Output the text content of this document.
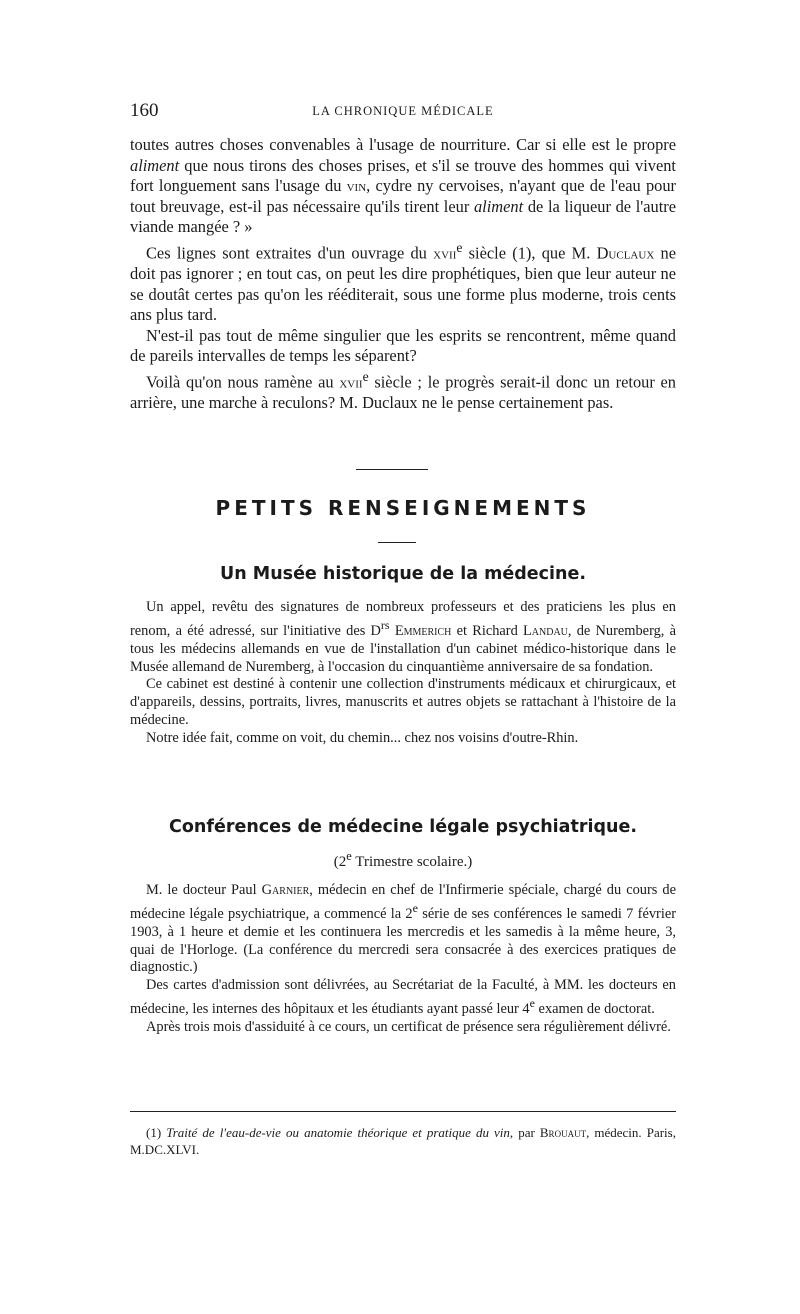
160	LA CHRONIQUE MÉDICALE

toutes autres choses convenables à l'usage de nourriture. Car si elle est le propre aliment que nous tirons des choses prises, et s'il se trouve des hommes qui vivent fort longuement sans l'usage du vin, cydre ny cervoises, n'ayant que de l'eau pour tout breuvage, est-il pas nécessaire qu'ils tirent leur aliment de la liqueur de l'autre viande mangée ? »

Ces lignes sont extraites d'un ouvrage du xvii$^e$ siècle (1), que M. Duclaux ne doit pas ignorer ; en tout cas, on peut les dire prophétiques, bien que leur auteur ne se doutât certes pas qu'on les rééditerait, sous une forme plus moderne, trois cents ans plus tard.

N'est-il pas tout de même singulier que les esprits se rencontrent, même quand de pareils intervalles de temps les séparent?

Voilà qu'on nous ramène au xvii$^e$ siècle ; le progrès serait-il donc un retour en arrière, une marche à reculons? M. Duclaux ne le pense certainement pas.

PETITS RENSEIGNEMENTS
Un Musée historique de la médecine.

Un appel, revêtu des signatures de nombreux professeurs et des praticiens les plus en renom, a été adressé, sur l'initiative des $D^{rs}$ Emmerich et Richard Landau, de Nuremberg, à tous les médecins allemands en vue de l'installation d'un cabinet médico-historique dans le Musée allemand de Nuremberg, à l'occasion du cinquantième anniversaire de sa fondation.

Ce cabinet est destiné à contenir une collection d'instruments médicaux et chirurgicaux, et d'appareils, dessins, portraits, livres, manuscrits et autres objets se rattachant à l'histoire de la médecine.

Notre idée fait, comme on voit, du chemin... chez nos voisins d'outre-Rhin.

Conférences de médecine légale psychiatrique.
(2e Trimestre scolaire.)

M. le docteur Paul Garnier, médecin en chef de l'Infirmerie spéciale, chargé du cours de médecine légale psychiatrique, a commencé la 2e série de ses conférences le samedi 7 février 1903, à 1 heure et demie et les continuera les mercredis et les samedis à la même heure, 3, quai de l'Horloge. (La conférence du mercredi sera consacrée à des exercices pratiques de diagnostic.)

Des cartes d'admission sont délivrées, au Secrétariat de la Faculté, à MM. les docteurs en médecine, les internes des hôpitaux et les étudiants ayant passé leur 4e examen de doctorat.

Après trois mois d'assiduité à ce cours, un certificat de présence sera régulièrement délivré.

(1) Traité de l'eau-de-vie ou anatomie théorique et pratique du vin, par Brouaut, médecin. Paris, M.DC.XLVI.
